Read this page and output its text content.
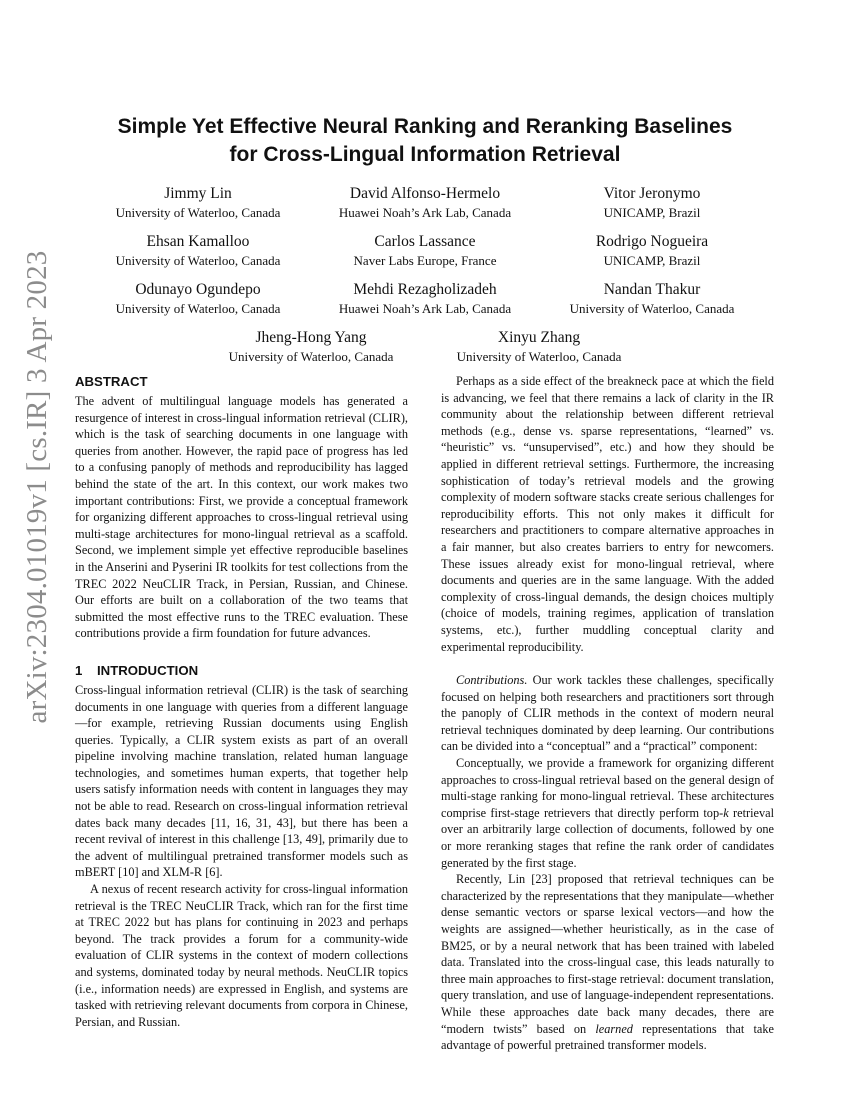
arXiv:2304.01019v1 [cs.IR] 3 Apr 2023
Simple Yet Effective Neural Ranking and Reranking Baselines
for Cross-Lingual Information Retrieval
Jimmy Lin
University of Waterloo, Canada
David Alfonso-Hermelo
Huawei Noah’s Ark Lab, Canada
Vitor Jeronymo
UNICAMP, Brazil
Ehsan Kamalloo
University of Waterloo, Canada
Carlos Lassance
Naver Labs Europe, France
Rodrigo Nogueira
UNICAMP, Brazil
Odunayo Ogundepo
University of Waterloo, Canada
Mehdi Rezagholizadeh
Huawei Noah’s Ark Lab, Canada
Nandan Thakur
University of Waterloo, Canada
Jheng-Hong Yang
University of Waterloo, Canada
Xinyu Zhang
University of Waterloo, Canada
ABSTRACT

The advent of multilingual language models has generated a resurgence of interest in cross-lingual information retrieval (CLIR), which is the task of searching documents in one language with queries from another. However, the rapid pace of progress has led to a confusing panoply of methods and reproducibility has lagged behind the state of the art. In this context, our work makes two important contributions: First, we provide a conceptual framework for organizing different approaches to cross-lingual retrieval using multi-stage architectures for mono-lingual retrieval as a scaffold. Second, we implement simple yet effective reproducible baselines in the Anserini and Pyserini IR toolkits for test collections from the TREC 2022 NeuCLIR Track, in Persian, Russian, and Chinese. Our efforts are built on a collaboration of the two teams that submitted the most effective runs to the TREC evaluation. These contributions provide a firm foundation for future advances.

1 INTRODUCTION

Cross-lingual information retrieval (CLIR) is the task of searching documents in one language with queries from a different language—for example, retrieving Russian documents using English queries. Typically, a CLIR system exists as part of an overall pipeline involving machine translation, related human language technologies, and sometimes human experts, that together help users satisfy information needs with content in languages they may not be able to read. Research on cross-lingual information retrieval dates back many decades [11, 16, 31, 43], but there has been a recent revival of interest in this challenge [13, 49], primarily due to the advent of multilingual pretrained transformer models such as mBERT [10] and XLM-R [6].

A nexus of recent research activity for cross-lingual information retrieval is the TREC NeuCLIR Track, which ran for the first time at TREC 2022 but has plans for continuing in 2023 and perhaps beyond. The track provides a forum for a community-wide evaluation of CLIR systems in the context of modern collections and systems, dominated today by neural methods. NeuCLIR topics (i.e., information needs) are expressed in English, and systems are tasked with retrieving relevant documents from corpora in Chinese, Persian, and Russian.

Perhaps as a side effect of the breakneck pace at which the field is advancing, we feel that there remains a lack of clarity in the IR community about the relationship between different retrieval methods (e.g., dense vs. sparse representations, “learned” vs. “heuristic” vs. “unsupervised”, etc.) and how they should be applied in different retrieval settings. Furthermore, the increasing sophistication of today’s retrieval models and the growing complexity of modern software stacks create serious challenges for reproducibility efforts. This not only makes it difficult for researchers and practitioners to compare alternative approaches in a fair manner, but also creates barriers to entry for newcomers. These issues already exist for mono-lingual retrieval, where documents and queries are in the same language. With the added complexity of cross-lingual demands, the design choices multiply (choice of models, training regimes, application of translation systems, etc.), further muddling conceptual clarity and experimental reproducibility.

Contributions. Our work tackles these challenges, specifically focused on helping both researchers and practitioners sort through the panoply of CLIR methods in the context of modern neural retrieval techniques dominated by deep learning. Our contributions can be divided into a “conceptual” and a “practical” component:

Conceptually, we provide a framework for organizing different approaches to cross-lingual retrieval based on the general design of multi-stage ranking for mono-lingual retrieval. These architectures comprise first-stage retrievers that directly perform top-k retrieval over an arbitrarily large collection of documents, followed by one or more reranking stages that refine the rank order of candidates generated by the first stage.

Recently, Lin [23] proposed that retrieval techniques can be characterized by the representations that they manipulate—whether dense semantic vectors or sparse lexical vectors—and how the weights are assigned—whether heuristically, as in the case of BM25, or by a neural network that has been trained with labeled data. Translated into the cross-lingual case, this leads naturally to three main approaches to first-stage retrieval: document translation, query translation, and use of language-independent representations. While these approaches date back many decades, there are “modern twists” based on learned representations that take advantage of powerful pretrained transformer models.
